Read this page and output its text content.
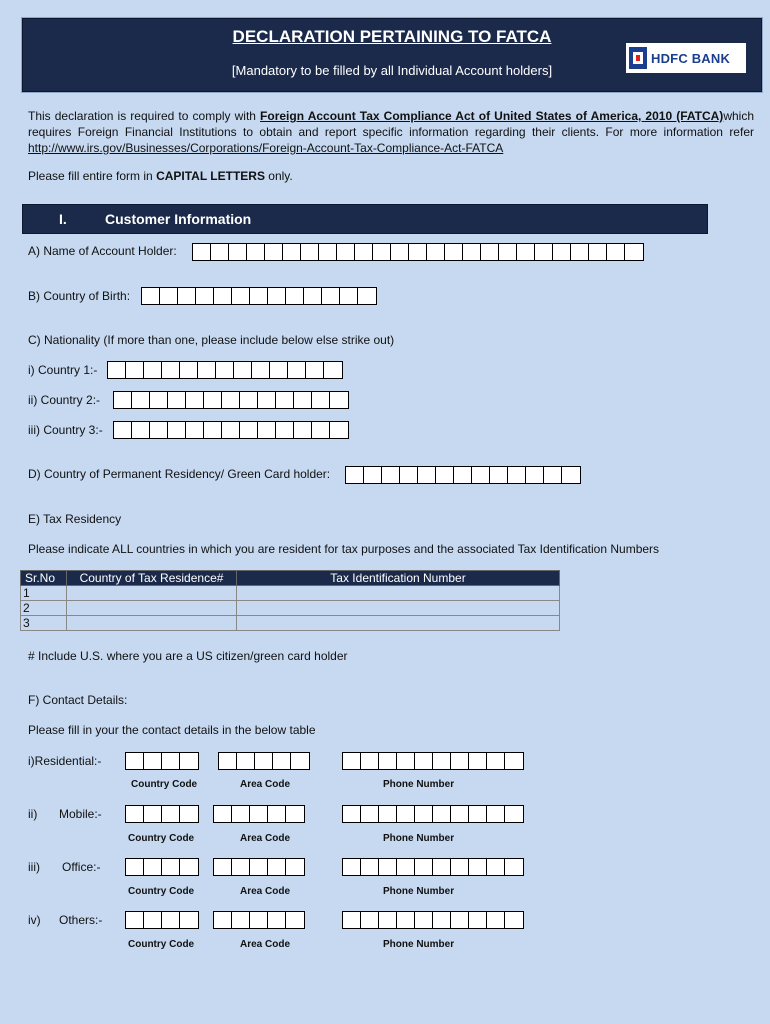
DECLARATION PERTAINING TO FATCA
[Mandatory to be filled by all Individual Account holders]
HDFC BANK
This declaration is required to comply with Foreign Account Tax Compliance Act of United States of America, 2010 (FATCA)which requires Foreign Financial Institutions to obtain and report specific information regarding their clients. For more information refer http://www.irs.gov/Businesses/Corporations/Foreign-Account-Tax-Compliance-Act-FATCA
Please fill entire form in CAPITAL LETTERS only.
I.	Customer Information
A) Name of Account Holder:
B) Country of Birth:
C) Nationality (If more than one, please include below else strike out)
i) Country 1:-
ii) Country 2:-
iii) Country 3:-
D) Country of Permanent Residency/ Green Card holder:
E) Tax Residency
Please indicate ALL countries in which you are resident for tax purposes and the associated Tax Identification Numbers
Sr.No	Country of Tax Residence#	Tax Identification Number
1		
2		
3		
# Include U.S. where you are a US citizen/green card holder
F) Contact Details:
Please fill in your the contact details in the below table
i)Residential:-
Country Code	Area Code	Phone Number
ii) Mobile:-
Country Code	Area Code	Phone Number
iii) Office:-
Country Code	Area Code	Phone Number
iv) Others:-
Country Code	Area Code	Phone Number
